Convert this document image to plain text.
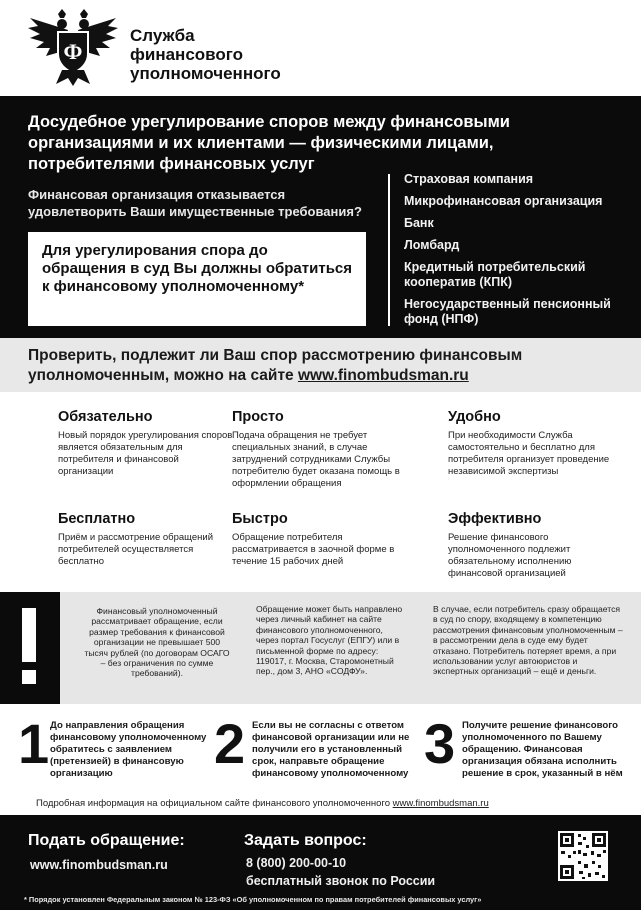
Ф
Служба
финансового
уполномоченного
Досудебное урегулирование споров между финансовыми организациями и их клиентами — физическими лицами, потребителями финансовых услуг
Финансовая организация отказывается удовлетворить Ваши имущественные требования?
Для урегулирования спора до обращения в суд Вы должны обратиться к финансовому уполномоченному*
Страховая компания
Микрофинансовая организация
Банк
Ломбард
Кредитный потребительский кооператив (КПК)
Негосударственный пенсионный фонд (НПФ)
Проверить, подлежит ли Ваш спор рассмотрению финансовым уполномоченным, можно на сайте www.finombudsman.ru
Обязательно

Новый порядок урегулирования споров является обязательным для потребителя и финансовой организации

Просто

Подача обращения не требует специальных знаний, в случае затруднений сотрудниками Службы потребителю будет оказана помощь в оформлении обращения

Удобно

При необходимости Служба самостоятельно и бесплатно для потребителя организует проведение независимой экспертизы

Бесплатно

Приём и рассмотрение обращений потребителей осуществляется бесплатно

Быстро

Обращение потребителя рассматривается в заочной форме в течение 15 рабочих дней

Эффективно

Решение финансового уполномоченного подлежит обязательному исполнению финансовой организацией

Финансовый уполномоченный рассматривает обращение, если размер требования к финансовой организации не превышает 500 тысяч рублей (по договорам ОСАГО – без ограничения по сумме требований).
Обращение может быть направлено через личный кабинет на сайте финансового уполномоченного, через портал Госуслуг (ЕПГУ) или в письменной форме по адресу: 119017, г. Москва, Старомонетный пер., дом 3, АНО «СОДФУ».
В случае, если потребитель сразу обращается в суд по спору, входящему в компетенцию рассмотрения финансовым уполномоченным – в рассмотрении дела в суде ему будет отказано. Потребитель потеряет время, а при использовании услуг автоюристов и экспертных организаций – ещё и деньги.
1 До направления обращения финансовому уполномоченному обратитесь с заявлением (претензией) в финансовую организацию	2 Если вы не согласны с ответом финансовой организации или не получили его в установленный срок, направьте обращение финансовому уполномоченному 3 Получите решение финансового уполномоченного по Вашему обращению. Финансовая организация обязана исполнить решение в срок, указанный в нём
Подробная информация на официальном сайте финансового уполномоченного www.finombudsman.ru
Подать обращение:
www.finombudsman.ru
Задать вопрос:
8 (800) 200-00-10
бесплатный звонок по России
* Порядок установлен Федеральным законом № 123-ФЗ «Об уполномоченном по правам потребителей финансовых услуг»
